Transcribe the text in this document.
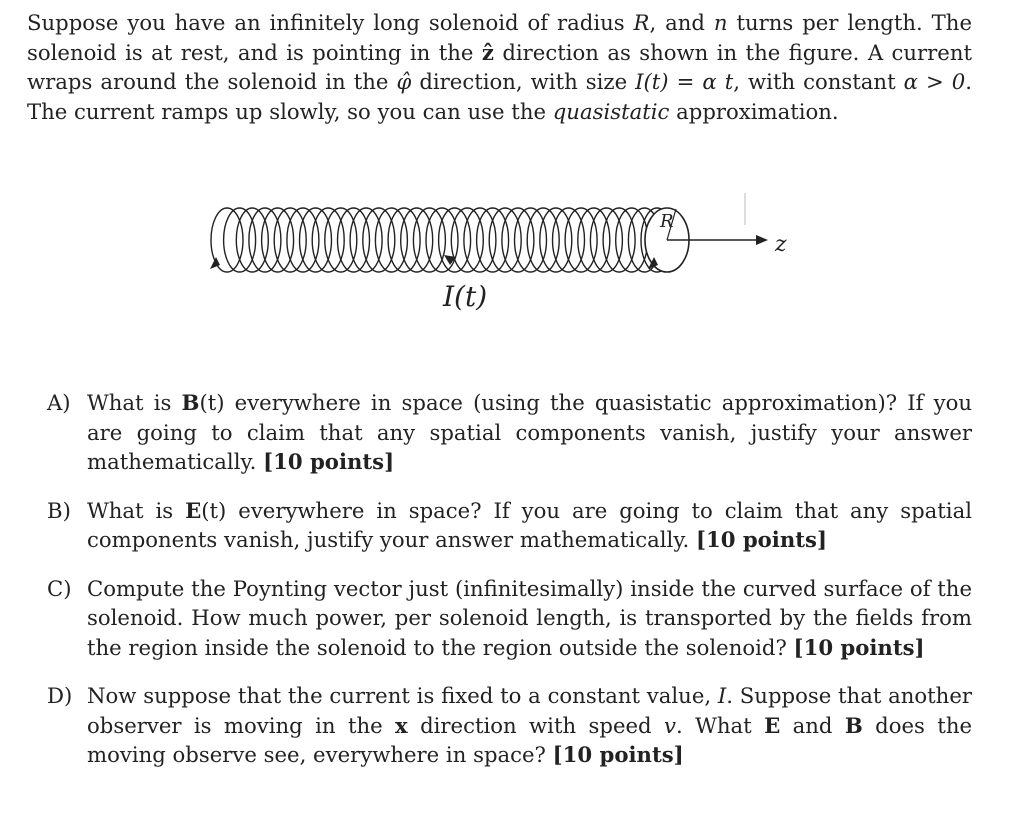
Suppose you have an infinitely long solenoid of radius R, and n turns per length. The solenoid is at rest, and is pointing in the ẑ direction as shown in the figure. A current wraps around the solenoid in the φ̂ direction, with size I(t) = α t, with constant α > 0. The current ramps up slowly, so you can use the quasistatic approximation.

R
z
I(t)
A) What is B(t) everywhere in space (using the quasistatic approximation)? If you are going to claim that any spatial components vanish, justify your answer mathematically. [10 points]
B) What is E(t) everywhere in space? If you are going to claim that any spatial components vanish, justify your answer mathematically. [10 points]
C) Compute the Poynting vector just (infinitesimally) inside the curved surface of the solenoid. How much power, per solenoid length, is transported by the fields from the region inside the solenoid to the region outside the solenoid? [10 points]
D) Now suppose that the current is fixed to a constant value, I. Suppose that another observer is moving in the x direction with speed v. What E and B does the moving observe see, everywhere in space? [10 points]
